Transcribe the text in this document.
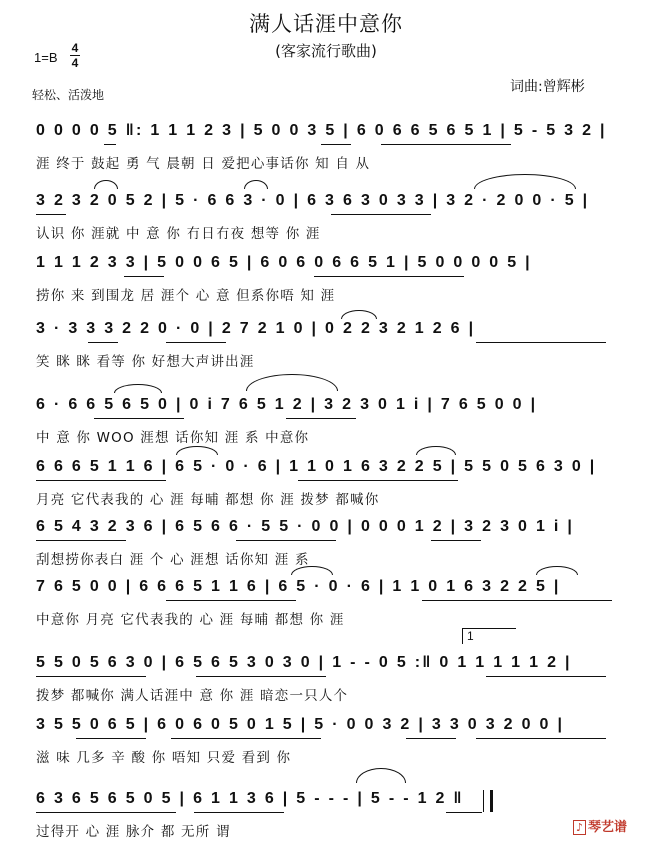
满人话涯中意你
(客家流行歌曲)
1=B
4
4
轻松、活泼地	词曲:曾辉彬
0 0 0 0 5 ‖: 1 1 1 2 3 | 5 0 0 3 5 | 6 0 6 6 5 6 5 1 | 5 - 5 3 2 |
涯 终于 鼓起 勇 气 晨朝 日 爱把心事话你 知 自 从
3 2 3 2 0 5 2 | 5 · 6 6 3 · 0 | 6 3 6 3 0 3 3 | 3 2 · 2 0 0 · 5 |
认识 你 涯就 中 意 你 冇日冇夜 想等 你 涯
1 1 1 2 3 3 | 5 0 0 6 5 | 6 0 6 0 6 6 5 1 | 5 0 0 0 0 5 |
捞你 来 到围龙 居 涯个 心 意 但系你唔 知 涯
3 · 3 3 3 2 2 0 · 0 | 2 7 2 1 0 | 0 2 2 3 2 1 2 6 |
笑 眯 眯 看等 你 好想大声讲出涯
6 · 6 6 5 6 5 0 | 0 i 7 6 5 1 2 | 3 2 3 0 1 i | 7 6 5 0 0 |
中 意 你 WOO 涯想 话你知 涯 系 中意你
6 6 6 5 1 1 6 | 6 5 · 0 · 6 | 1 1 0 1 6 3 2 2 5 | 5 5 0 5 6 3 0 |
月亮 它代表我的 心 涯 每晡 都想 你 涯 拨梦 都喊你
6 5 4 3 2 3 6 | 6 5 6 6 · 5 5 · 0 0 | 0 0 0 1 2 | 3 2 3 0 1 i |
刮想捞你表白 涯 个 心 涯想 话你知 涯 系
7 6 5 0 0 | 6 6 6 5 1 1 6 | 6 5 · 0 · 6 | 1 1 0 1 6 3 2 2 5 |
中意你 月亮 它代表我的 心 涯 每晡 都想 你 涯
5 5 0 5 6 3 0 | 6 5 6 5 3 0 3 0 | 1 - - 0 5 :‖ 0 1 1 1 1 1 2 |
拨梦 都喊你 满人话涯中 意 你 涯 暗恋一只人个
1
3 5 5 0 6 5 | 6 0 6 0 5 0 1 5 | 5 · 0 0 3 2 | 3 3 0 3 2 0 0 |
滋 味 几多 辛 酸 你 唔知 只爱 看到 你
6 3 6 5 6 5 0 5 | 6 1 1 3 6 | 5 - - - | 5 - - 1 2 ‖
过得开 心 涯 脉介 都 无所 谓	♪ 琴艺谱
